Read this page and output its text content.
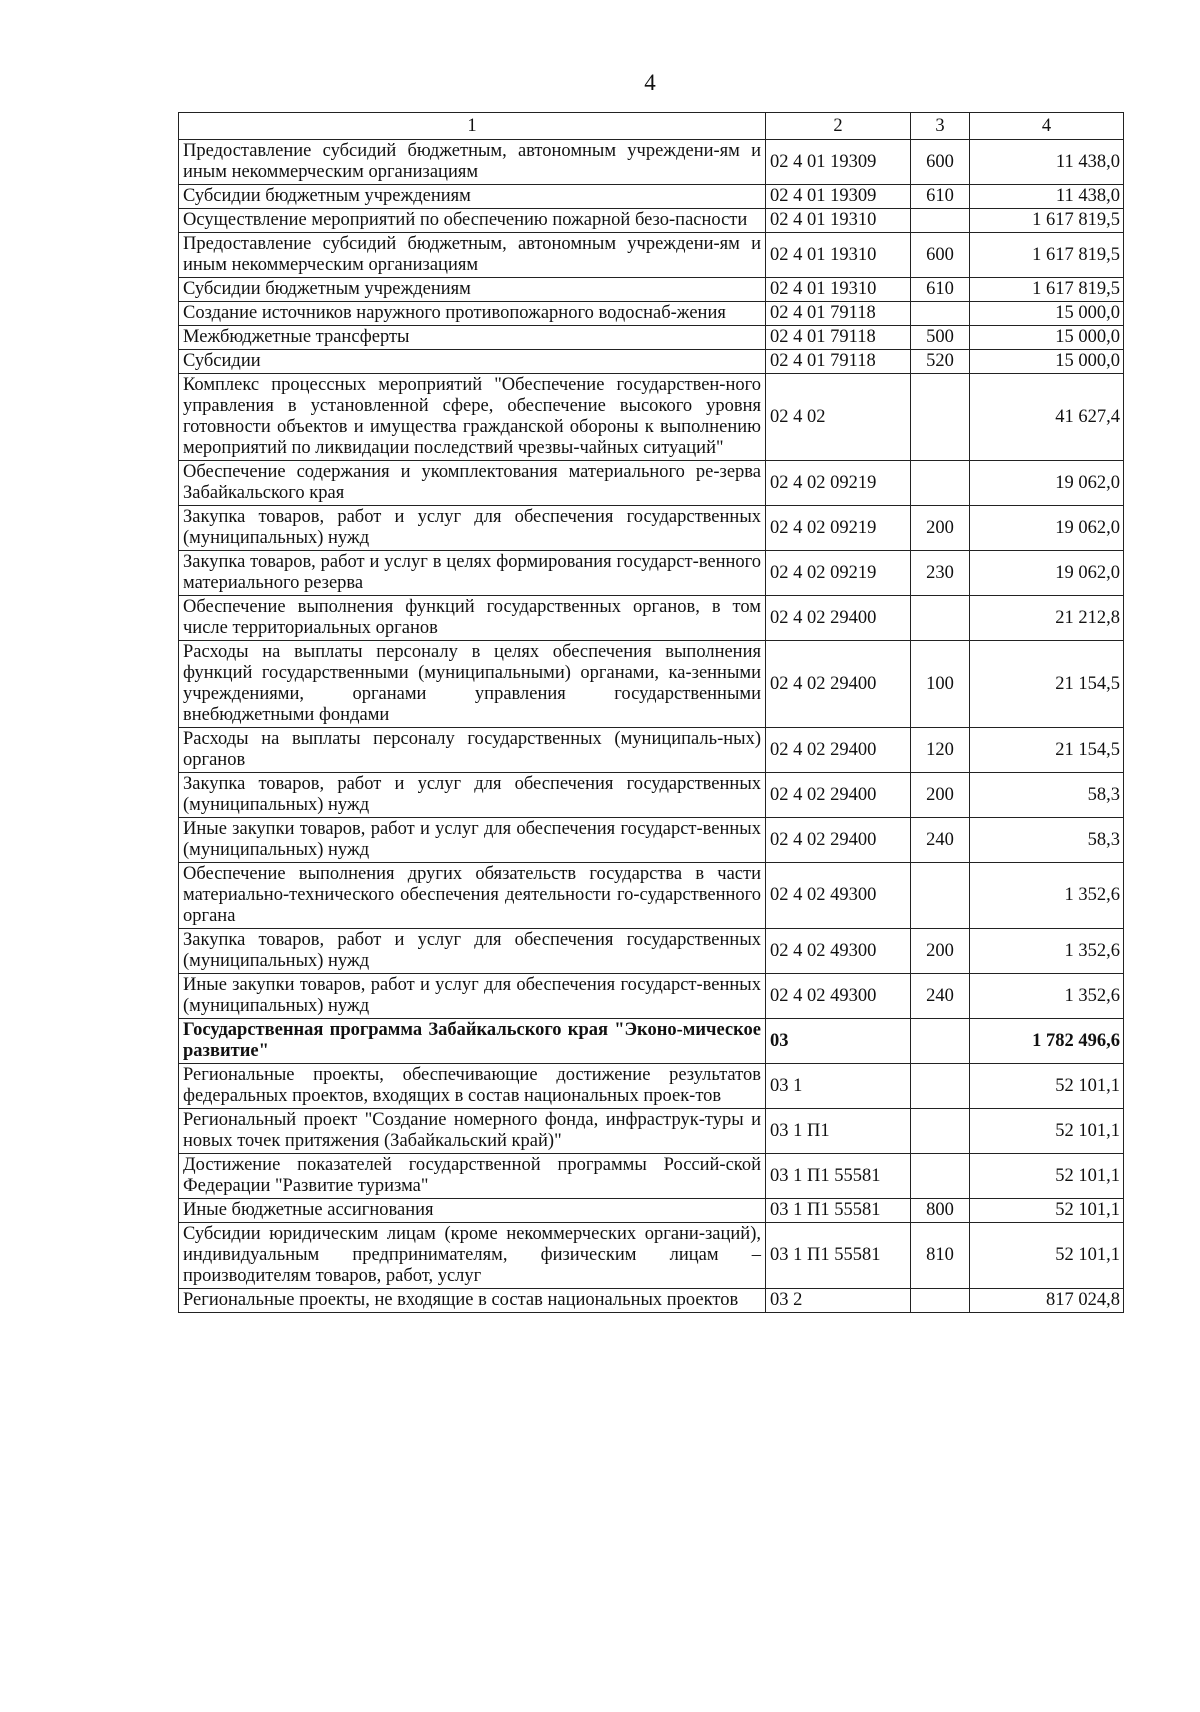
4
1	2	3	4
Предоставление субсидий бюджетным, автономным учреждени-ям и иным некоммерческим организациям	02 4 01 19309	600	11 438,0
Субсидии бюджетным учреждениям	02 4 01 19309	610	11 438,0
Осуществление мероприятий по обеспечению пожарной безо-пасности	02 4 01 19310		1 617 819,5
Предоставление субсидий бюджетным, автономным учреждени-ям и иным некоммерческим организациям	02 4 01 19310	600	1 617 819,5
Субсидии бюджетным учреждениям	02 4 01 19310	610	1 617 819,5
Создание источников наружного противопожарного водоснаб-жения	02 4 01 79118		15 000,0
Межбюджетные трансферты	02 4 01 79118	500	15 000,0
Субсидии	02 4 01 79118	520	15 000,0
Комплекс процессных мероприятий "Обеспечение государствен-ного управления в установленной сфере, обеспечение высокого уровня готовности объектов и имущества гражданской обороны к выполнению мероприятий по ликвидации последствий чрезвы-чайных ситуаций"	02 4 02		41 627,4
Обеспечение содержания и укомплектования материального ре-зерва Забайкальского края	02 4 02 09219		19 062,0
Закупка товаров, работ и услуг для обеспечения государственных (муниципальных) нужд	02 4 02 09219	200	19 062,0
Закупка товаров, работ и услуг в целях формирования государст-венного материального резерва	02 4 02 09219	230	19 062,0
Обеспечение выполнения функций государственных органов, в том числе территориальных органов	02 4 02 29400		21 212,8
Расходы на выплаты персоналу в целях обеспечения выполнения функций государственными (муниципальными) органами, ка-зенными учреждениями, органами управления государственными внебюджетными фондами	02 4 02 29400	100	21 154,5
Расходы на выплаты персоналу государственных (муниципаль-ных) органов	02 4 02 29400	120	21 154,5
Закупка товаров, работ и услуг для обеспечения государственных (муниципальных) нужд	02 4 02 29400	200	58,3
Иные закупки товаров, работ и услуг для обеспечения государст-венных (муниципальных) нужд	02 4 02 29400	240	58,3
Обеспечение выполнения других обязательств государства в части материально-технического обеспечения деятельности го-сударственного органа	02 4 02 49300		1 352,6
Закупка товаров, работ и услуг для обеспечения государственных (муниципальных) нужд	02 4 02 49300	200	1 352,6
Иные закупки товаров, работ и услуг для обеспечения государст-венных (муниципальных) нужд	02 4 02 49300	240	1 352,6
Государственная программа Забайкальского края "Эконо-мическое развитие"	03		1 782 496,6
Региональные проекты, обеспечивающие достижение результатов федеральных проектов, входящих в состав национальных проек-тов	03 1		52 101,1
Региональный проект "Создание номерного фонда, инфраструк-туры и новых точек притяжения (Забайкальский край)"	03 1 П1		52 101,1
Достижение показателей государственной программы Россий-ской Федерации "Развитие туризма"	03 1 П1 55581		52 101,1
Иные бюджетные ассигнования	03 1 П1 55581	800	52 101,1
Субсидии юридическим лицам (кроме некоммерческих органи-заций), индивидуальным предпринимателям, физическим лицам – производителям товаров, работ, услуг	03 1 П1 55581	810	52 101,1
Региональные проекты, не входящие в состав национальных проектов	03 2		817 024,8
